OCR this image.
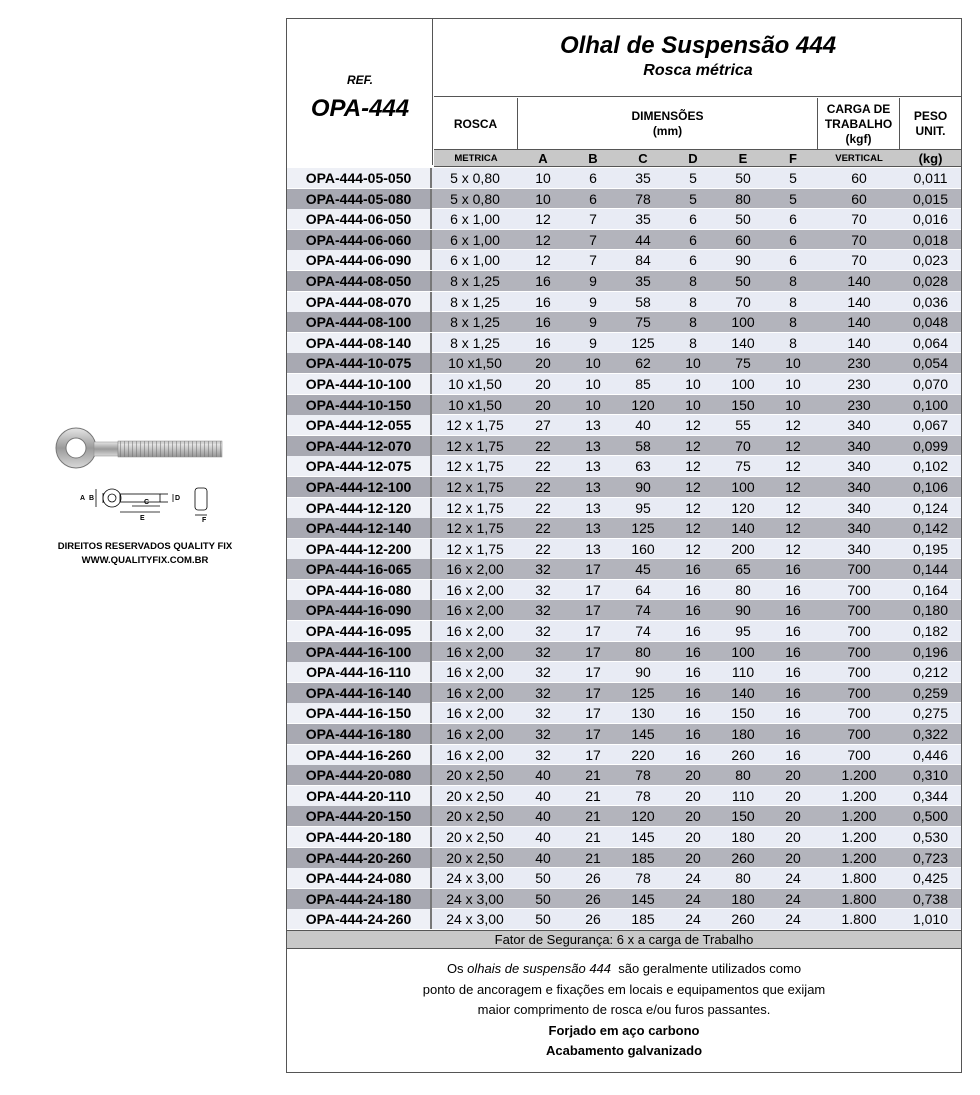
A B
C
D
E	F
DIREITOS RESERVADOS QUALITY FIX
WWW.QUALITYFIX.COM.BR
REF.
OPA-444
Olhal de Suspensão 444
Rosca métrica
ROSCA
DIMENSÕES
(mm)
CARGA DE
TRABALHO
(kgf)
PESO
UNIT.
METRICA	A	B	C	D	E	F	VERTICAL	(kg)
OPA-444-05-050	5 x 0,80	10	6	35	5	50	5	60	0,011
OPA-444-05-080	5 x 0,80	10	6	78	5	80	5	60	0,015
OPA-444-06-050	6 x 1,00	12	7	35	6	50	6	70	0,016
OPA-444-06-060	6 x 1,00	12	7	44	6	60	6	70	0,018
OPA-444-06-090	6 x 1,00	12	7	84	6	90	6	70	0,023
OPA-444-08-050	8 x 1,25	16	9	35	8	50	8	140	0,028
OPA-444-08-070	8 x 1,25	16	9	58	8	70	8	140	0,036
OPA-444-08-100	8 x 1,25	16	9	75	8	100	8	140	0,048
OPA-444-08-140	8 x 1,25	16	9	125	8	140	8	140	0,064
OPA-444-10-075	10 x1,50	20	10	62	10	75	10	230	0,054
OPA-444-10-100	10 x1,50	20	10	85	10	100	10	230	0,070
OPA-444-10-150	10 x1,50	20	10	120	10	150	10	230	0,100
OPA-444-12-055	12 x 1,75	27	13	40	12	55	12	340	0,067
OPA-444-12-070	12 x 1,75	22	13	58	12	70	12	340	0,099
OPA-444-12-075	12 x 1,75	22	13	63	12	75	12	340	0,102
OPA-444-12-100	12 x 1,75	22	13	90	12	100	12	340	0,106
OPA-444-12-120	12 x 1,75	22	13	95	12	120	12	340	0,124
OPA-444-12-140	12 x 1,75	22	13	125	12	140	12	340	0,142
OPA-444-12-200	12 x 1,75	22	13	160	12	200	12	340	0,195
OPA-444-16-065	16 x 2,00	32	17	45	16	65	16	700	0,144
OPA-444-16-080	16 x 2,00	32	17	64	16	80	16	700	0,164
OPA-444-16-090	16 x 2,00	32	17	74	16	90	16	700	0,180
OPA-444-16-095	16 x 2,00	32	17	74	16	95	16	700	0,182
OPA-444-16-100	16 x 2,00	32	17	80	16	100	16	700	0,196
OPA-444-16-110	16 x 2,00	32	17	90	16	110	16	700	0,212
OPA-444-16-140	16 x 2,00	32	17	125	16	140	16	700	0,259
OPA-444-16-150	16 x 2,00	32	17	130	16	150	16	700	0,275
OPA-444-16-180	16 x 2,00	32	17	145	16	180	16	700	0,322
OPA-444-16-260	16 x 2,00	32	17	220	16	260	16	700	0,446
OPA-444-20-080	20 x 2,50	40	21	78	20	80	20	1.200	0,310
OPA-444-20-110	20 x 2,50	40	21	78	20	110	20	1.200	0,344
OPA-444-20-150	20 x 2,50	40	21	120	20	150	20	1.200	0,500
OPA-444-20-180	20 x 2,50	40	21	145	20	180	20	1.200	0,530
OPA-444-20-260	20 x 2,50	40	21	185	20	260	20	1.200	0,723
OPA-444-24-080	24 x 3,00	50	26	78	24	80	24	1.800	0,425
OPA-444-24-180	24 x 3,00	50	26	145	24	180	24	1.800	0,738
OPA-444-24-260	24 x 3,00	50	26	185	24	260	24	1.800	1,010
Fator de Segurança: 6 x a carga de Trabalho
Os olhais de suspensão 444  são geralmente utilizados como
ponto de ancoragem e fixações em locais e equipamentos que exijam
maior comprimento de rosca e/ou furos passantes.
Forjado em aço carbono
Acabamento galvanizado
